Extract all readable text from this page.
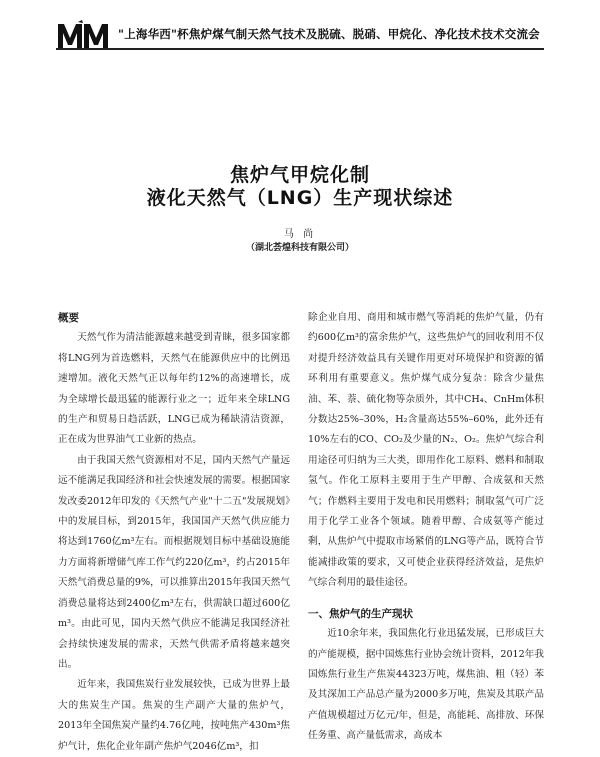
"上海华西"杯焦炉煤气制天然气技术及脱硫、脱硝、甲烷化、净化技术技术交流会
焦炉气甲烷化制
液化天然气（LNG）生产现状综述
马 尚
（湖北荟煌科技有限公司）

概要

天然气作为清洁能源越来越受到青睐，很多国家都将LNG列为首选燃料，天然气在能源供应中的比例迅速增加。液化天然气正以每年约12%的高速增长，成为全球增长最迅猛的能源行业之一；近年来全球LNG的生产和贸易日趋活跃，LNG已成为稀缺清洁资源，正在成为世界油气工业新的热点。

由于我国天然气资源相对不足，国内天然气产量远远不能满足我国经济和社会快速发展的需要。根据国家发改委2012年印发的《天然气产业"十二五"发展规划》中的发展目标，到2015年，我国国产天然气供应能力将达到1760亿m³左右。而根据规划目标中基础设施能力方面将新增储气库工作气约220亿m³，约占2015年天然气消费总量的9%，可以推算出2015年我国天然气消费总量将达到2400亿m³左右，供需缺口超过600亿m³。由此可见，国内天然气供应不能满足我国经济社会持续快速发展的需求，天然气供需矛盾将越来越突出。

近年来，我国焦炭行业发展较快，已成为世界上最大的焦炭生产国。焦炭的生产副产大量的焦炉气，2013年全国焦炭产量约4.76亿吨，按吨焦产430m³焦炉气计，焦化企业年副产焦炉气2046亿m³，扣

除企业自用、商用和城市燃气等消耗的焦炉气量，仍有约600亿m³的富余焦炉气，这些焦炉气的回收利用不仅对提升经济效益具有关键作用更对环境保护和资源的循环利用有重要意义。焦炉煤气成分复杂：除含少量焦油、苯、萘、硫化物等杂质外，其中CH₄、CnHm体积分数达25%–30%，H₂含量高达55%–60%，此外还有10%左右的CO、CO₂及少量的N₂、O₂。焦炉气综合利用途径可归纳为三大类，即用作化工原料、燃料和制取氢气。作化工原料主要用于生产甲醇、合成氨和天然气；作燃料主要用于发电和民用燃料；制取氢气可广泛用于化学工业各个领域。随着甲醇、合成氨等产能过剩，从焦炉气中提取市场紧俏的LNG等产品，既符合节能减排政策的要求，又可使企业获得经济效益，是焦炉气综合利用的最佳途径。

一、焦炉气的生产现状

近10余年来，我国焦化行业迅猛发展，已形成巨大的产能规模，据中国炼焦行业协会统计资料，2012年我国炼焦行业生产焦炭44323万吨，煤焦油、粗（轻）苯及其深加工产品总产量为2000多万吨，焦炭及其联产品产值规模超过万亿元/年，但是，高能耗、高排放、环保任务重、高产量低需求，高成本
